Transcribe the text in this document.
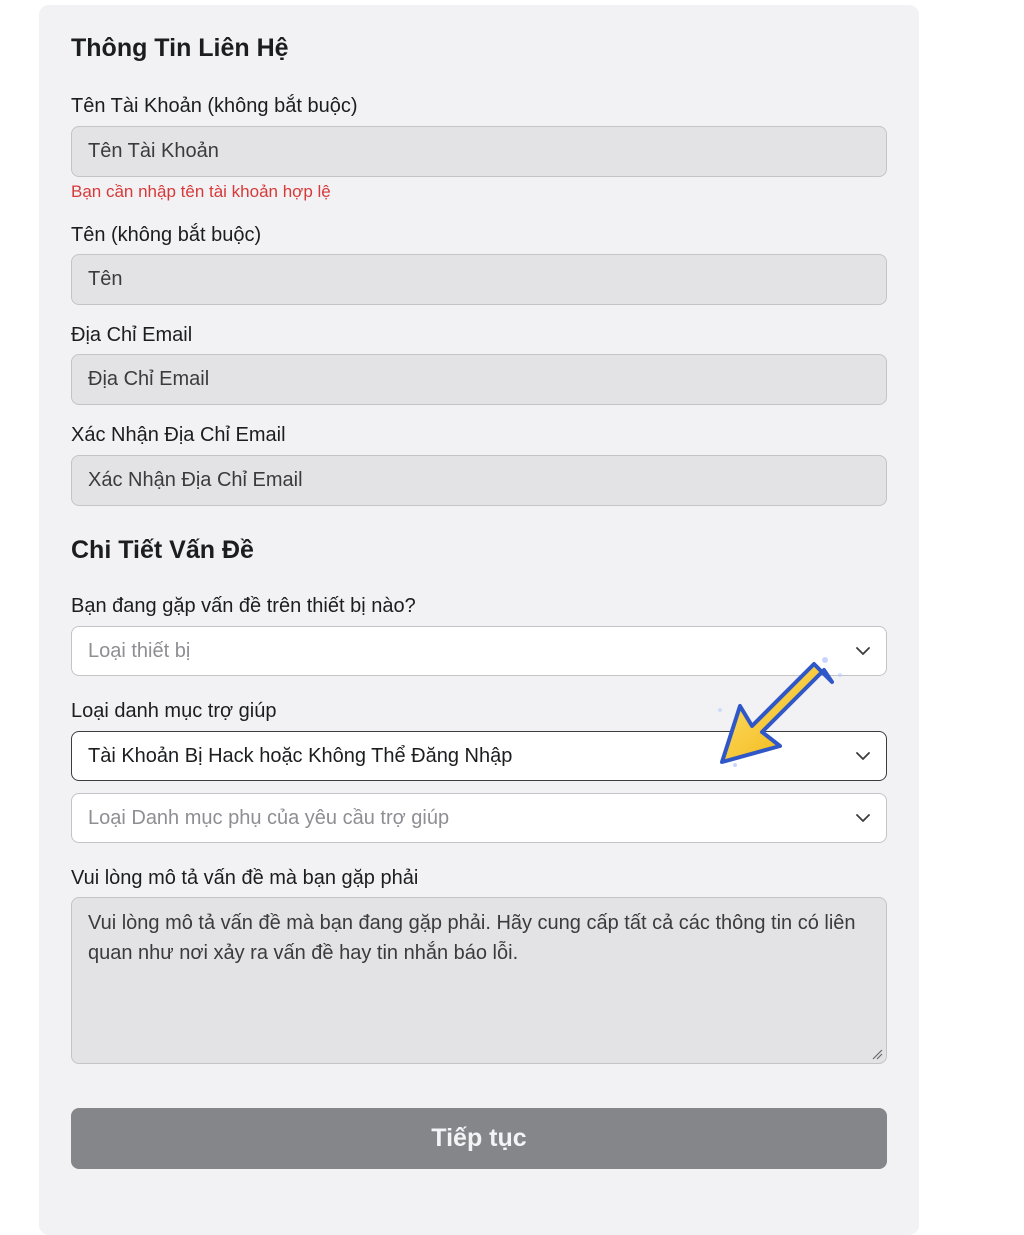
Thông Tin Liên Hệ
Tên Tài Khoản (không bắt buộc)
Tên Tài Khoản
Bạn cần nhập tên tài khoản hợp lệ
Tên (không bắt buộc)
Tên
Địa Chỉ Email
Địa Chỉ Email
Xác Nhận Địa Chỉ Email
Xác Nhận Địa Chỉ Email
Chi Tiết Vấn Đề
Bạn đang gặp vấn đề trên thiết bị nào?
Loại thiết bị
Loại danh mục trợ giúp
Tài Khoản Bị Hack hoặc Không Thể Đăng Nhập
Loại Danh mục phụ của yêu cầu trợ giúp
Vui lòng mô tả vấn đề mà bạn gặp phải
Vui lòng mô tả vấn đề mà bạn đang gặp phải. Hãy cung cấp tất cả các thông tin có liên quan như nơi xảy ra vấn đề hay tin nhắn báo lỗi.
Tiếp tục
